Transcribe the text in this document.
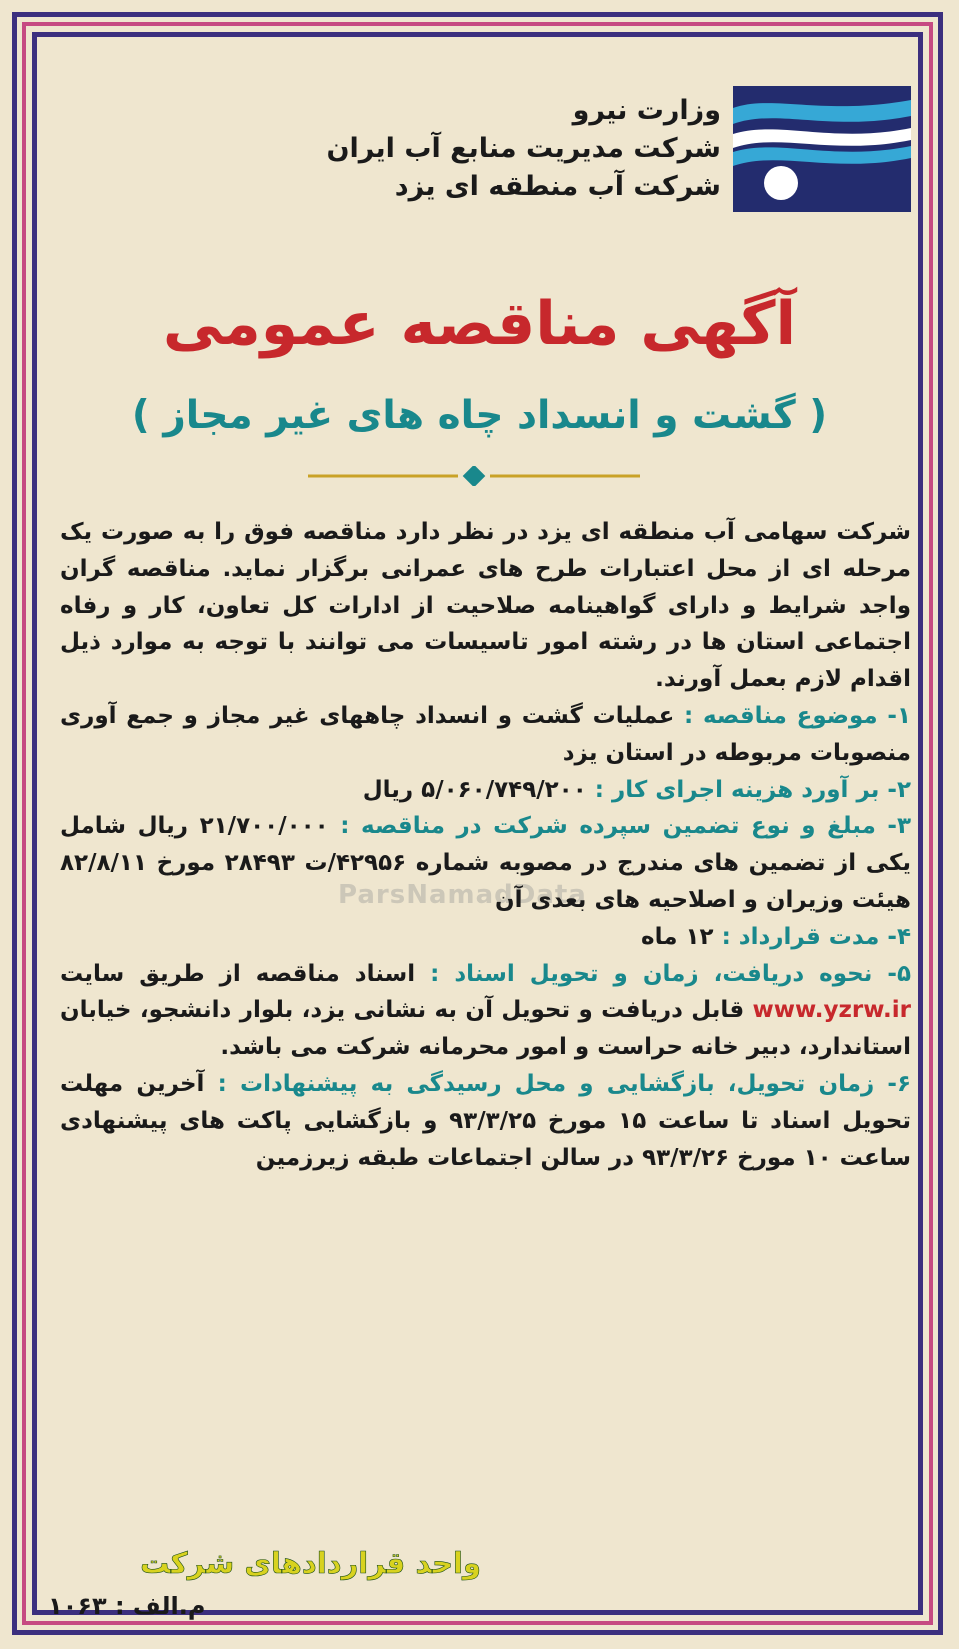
وزارت نیرو
شرکت مدیریت منابع آب ایران
شرکت آب منطقه ای یزد
آگهی مناقصه عمومی
( گشت و انسداد چاه های غیر مجاز )
ParsNamadData

شرکت سهامی آب منطقه ای یزد در نظر دارد مناقصه فوق را به صورت یک مرحله ای از محل اعتبارات طرح های عمرانی برگزار نماید. مناقصه گران واجد شرایط و دارای گواهینامه صلاحیت از ادارات کل تعاون، کار و رفاه اجتماعی استان ها در رشته امور تاسیسات می توانند با توجه به موارد ذیل اقدام لازم بعمل آورند.

۱- موضوع مناقصه : عملیات گشت و انسداد چاههای غیر مجاز و جمع آوری منصوبات مربوطه در استان یزد

۲- بر آورد هزینه اجرای کار : ۵/۰۶۰/۷۴۹/۲۰۰ ریال

۳- مبلغ و نوع تضمین سپرده شرکت در مناقصه : ۲۱/۷۰۰/۰۰۰ ریال شامل یکی از تضمین های مندرج در مصوبه شماره ۴۲۹۵۶/ت ۲۸۴۹۳ مورخ ۸۲/۸/۱۱ هیئت وزیران و اصلاحیه های بعدی آن

۴- مدت قرارداد : ۱۲ ماه

۵- نحوه دریافت، زمان و تحویل اسناد : اسناد مناقصه از طریق سایت www.yzrw.ir قابل دریافت و تحویل آن به نشانی یزد، بلوار دانشجو، خیابان استاندارد، دبیر خانه حراست و امور محرمانه شرکت می باشد.

۶- زمان تحویل، بازگشایی و محل رسیدگی به پیشنهادات : آخرین مهلت تحویل اسناد تا ساعت ۱۵ مورخ ۹۳/۳/۲۵ و بازگشایی پاکت های پیشنهادی ساعت ۱۰ مورخ ۹۳/۳/۲۶ در سالن اجتماعات طبقه زیرزمین

واحد قراردادهای شرکت
م.الف : ۱۰۶۳
